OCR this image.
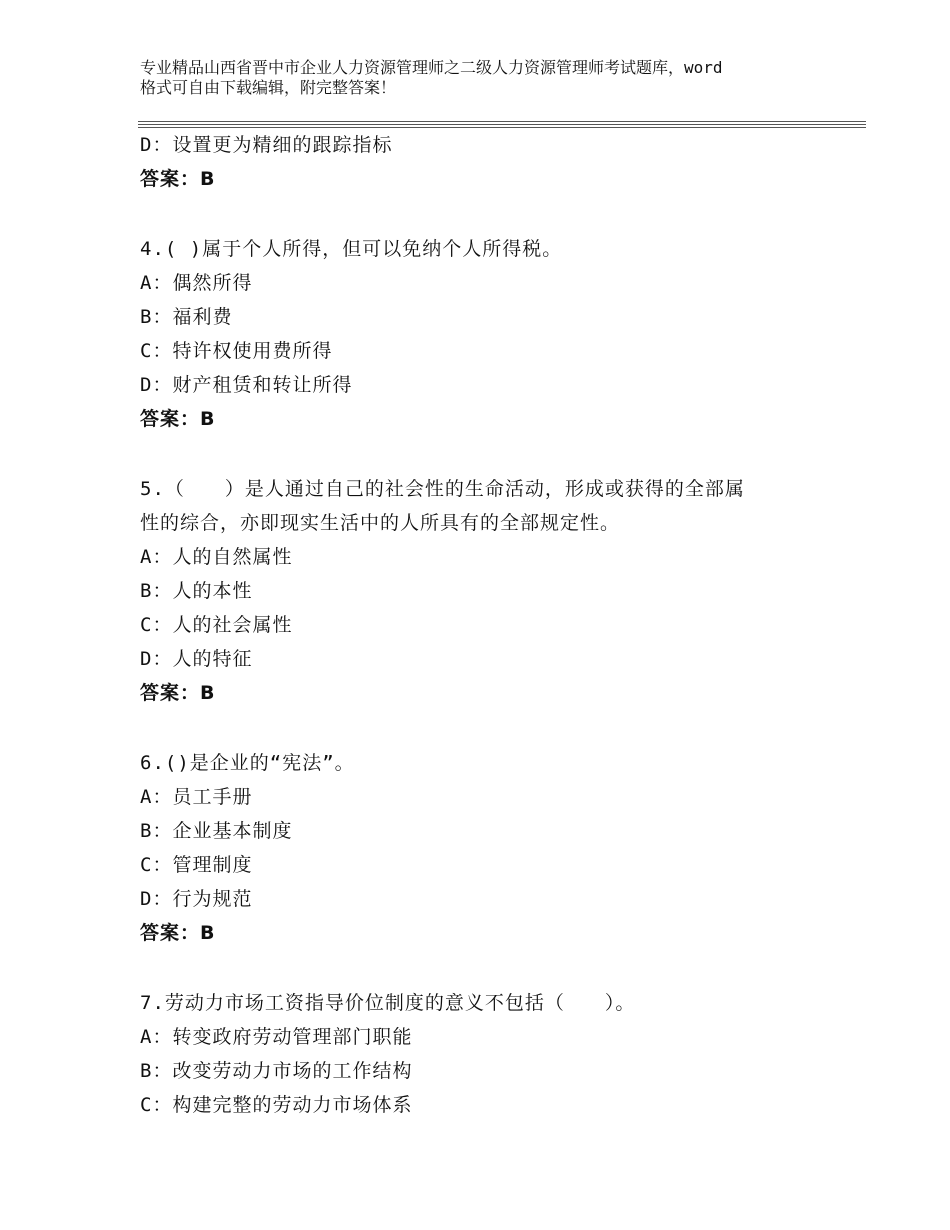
专业精品山西省晋中市企业人力资源管理师之二级人力资源管理师考试题库，word
格式可自由下载编辑，附完整答案！
D：设置更为精细的跟踪指标
答案：B
4.( )属于个人所得，但可以免纳个人所得税。
A：偶然所得
B：福利费
C：特许权使用费所得
D：财产租赁和转让所得
答案：B
5.（　　）是人通过自己的社会性的生命活动，形成或获得的全部属
性的综合，亦即现实生活中的人所具有的全部规定性。
A：人的自然属性
B：人的本性
C：人的社会属性
D：人的特征
答案：B
6.()是企业的“宪法”。
A：员工手册
B：企业基本制度
C：管理制度
D：行为规范
答案：B
7.劳动力市场工资指导价位制度的意义不包括（　　）。
A：转变政府劳动管理部门职能
B：改变劳动力市场的工作结构
C：构建完整的劳动力市场体系
